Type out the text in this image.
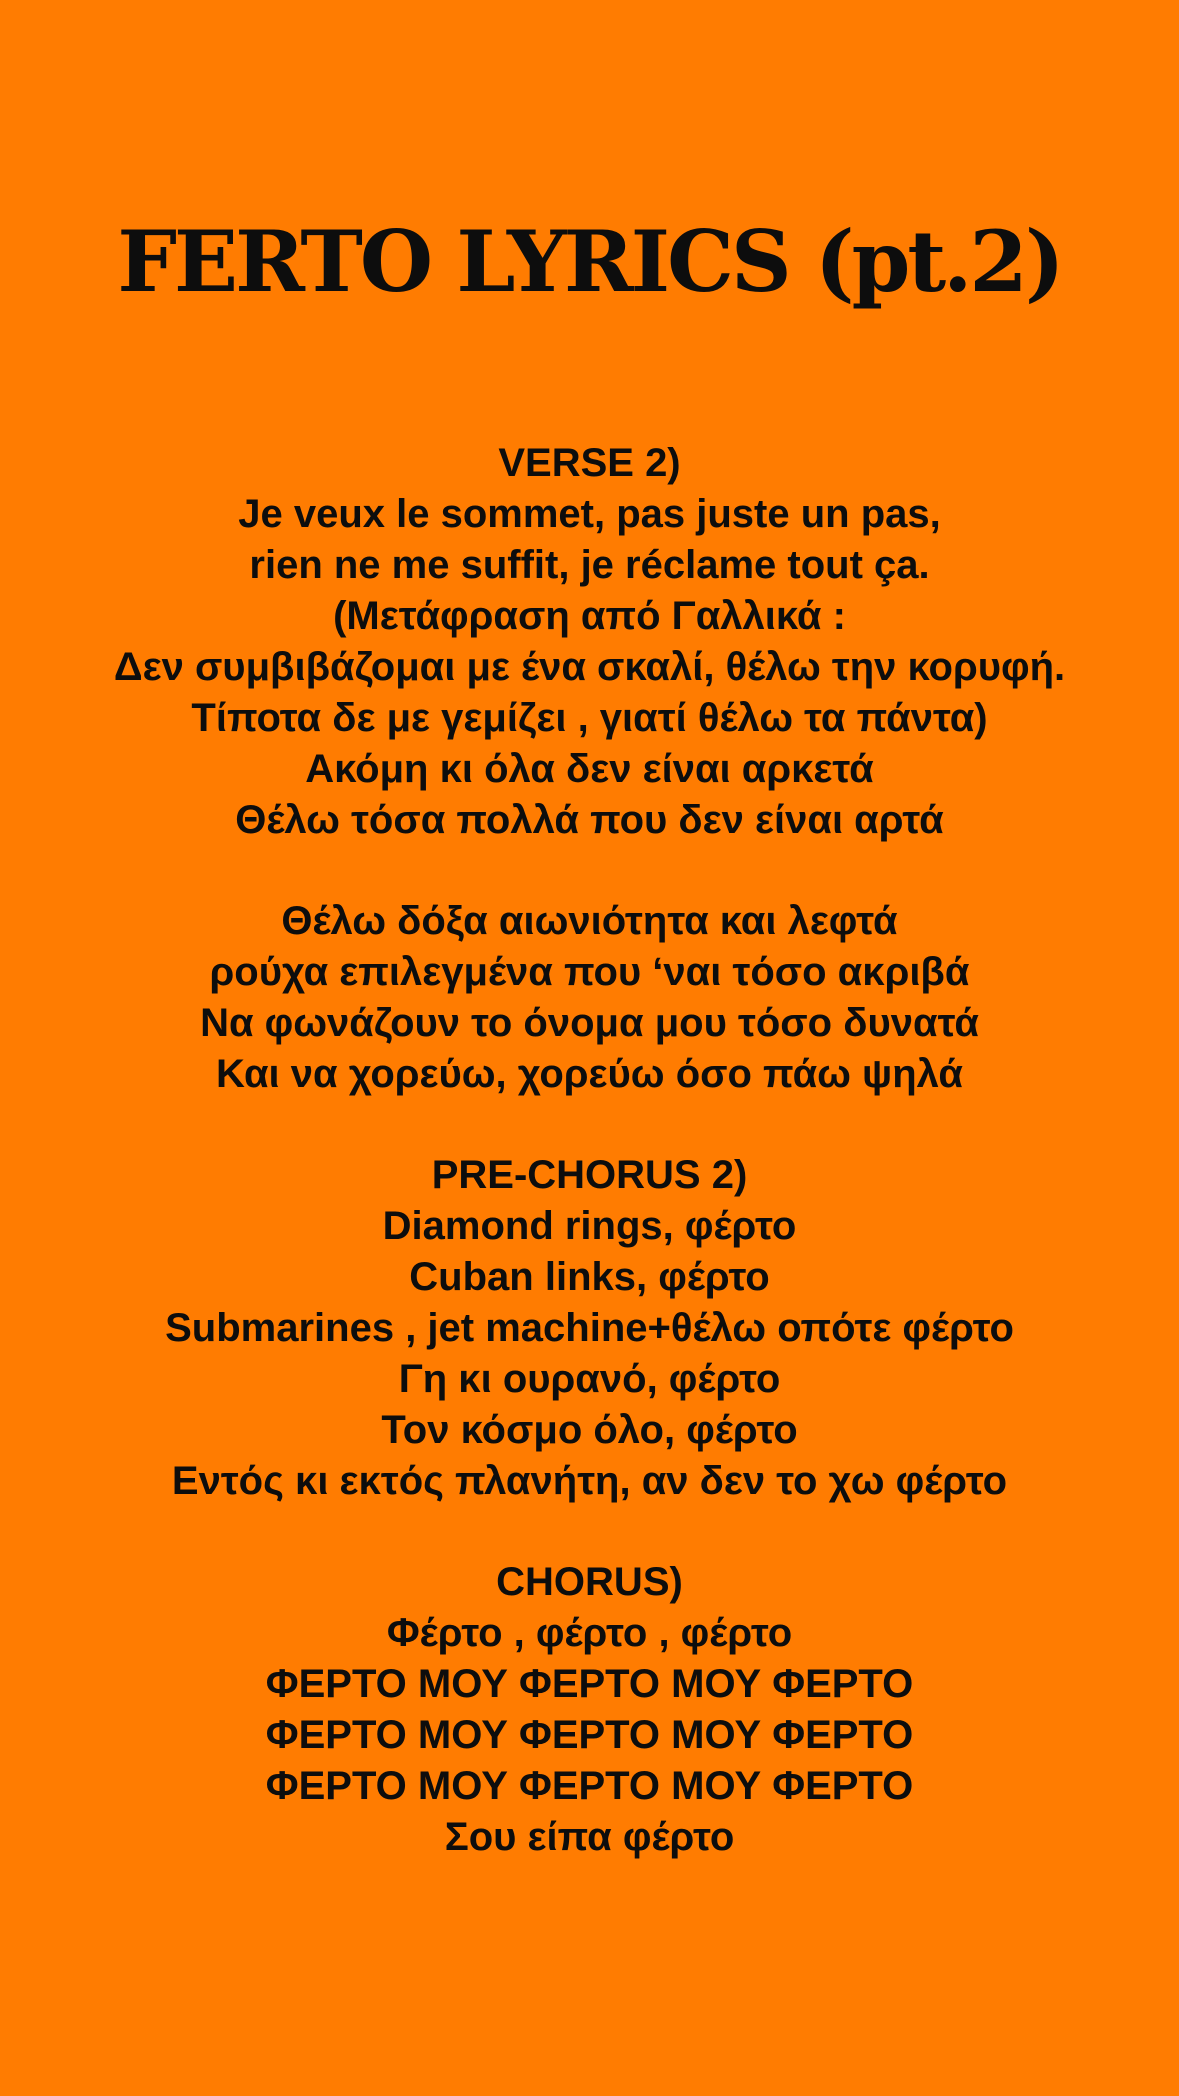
FERTO LYRICS (pt.2)
VERSE 2)
Je veux le sommet, pas juste un pas,
rien ne me suffit, je réclame tout ça.
(Μετάφραση από Γαλλικά :
Δεν συμβιβάζομαι με ένα σκαλί, θέλω την κορυφή.
Τίποτα δε με γεμίζει , γιατί θέλω τα πάντα)
Ακόμη κι όλα δεν είναι αρκετά
Θέλω τόσα πολλά που δεν είναι αρτά
Θέλω δόξα αιωνιότητα και λεφτά
ρούχα επιλεγμένα που ‘ναι τόσο ακριβά
Να φωνάζουν το όνομα μου τόσο δυνατά
Και να χορεύω, χορεύω όσο πάω ψηλά
PRE-CHORUS 2)
Diamond rings, φέρτο
Cuban links, φέρτο
Submarines , jet machine+θέλω οπότε φέρτο
Γη κι ουρανό, φέρτο
Τον κόσμο όλο, φέρτο
Εντός κι εκτός πλανήτη, αν δεν το χω φέρτο
CHORUS)
Φέρτο , φέρτο , φέρτο
ΦΕΡΤΟ ΜΟΥ ΦΕΡΤΟ ΜΟΥ ΦΕΡΤΟ
ΦΕΡΤΟ ΜΟΥ ΦΕΡΤΟ ΜΟΥ ΦΕΡΤΟ
ΦΕΡΤΟ ΜΟΥ ΦΕΡΤΟ ΜΟΥ ΦΕΡΤΟ
Σου είπα φέρτο
